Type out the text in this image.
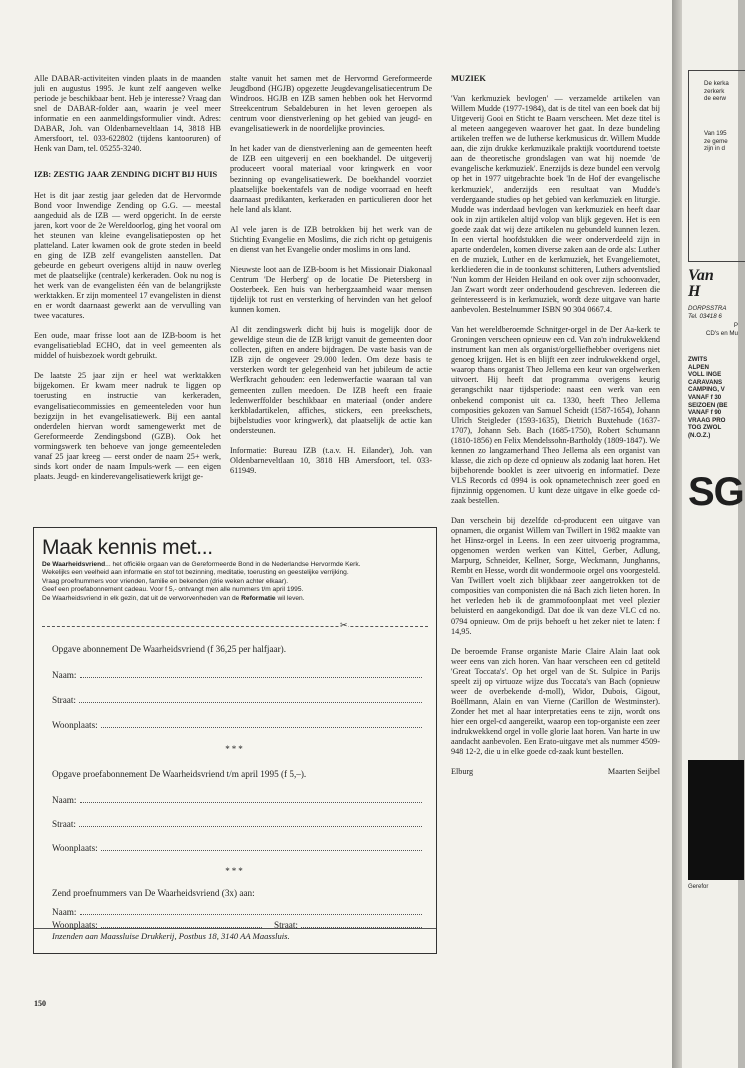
Alle DABAR-activiteiten vinden plaats in de maanden juli en augustus 1995. Je kunt zelf aangeven welke periode je beschikbaar bent. Heb je interesse? Vraag dan snel de DABAR-folder aan, waarin je veel meer informatie en een aanmeldingsformulier vindt. Adres: DABAR, Joh. van Oldenbarneveltlaan 14, 3818 HB Amersfoort, tel. 033-622802 (tijdens kantooruren) of Henk van Dam, tel. 05255-3240.

IZB: ZESTIG JAAR ZENDING DICHT BIJ HUIS

Het is dit jaar zestig jaar geleden dat de Hervormde Bond voor Inwendige Zending op G.G. — meestal aangeduid als de IZB — werd opgericht. In de eerste jaren, kort voor de 2e Wereldoorlog, ging het vooral om het steunen van kleine evangelisatieposten op het platteland. Later kwamen ook de grote steden in beeld en ging de IZB zelf evangelisten aanstellen. Dat gebeurde en gebeurt overigens altijd in nauw overleg met de plaatselijke (centrale) kerkeraden. Ook nu nog is het werk van de evangelisten één van de belangrijkste werktakken. Er zijn momenteel 17 evangelisten in dienst en er wordt daarnaast gewerkt aan de vervulling van twee vacatures.

Een oude, maar frisse loot aan de IZB-boom is het evangelisatieblad ECHO, dat in veel gemeenten als middel of huisbezoek wordt gebruikt.

De laatste 25 jaar zijn er heel wat werktakken bijgekomen. Er kwam meer nadruk te liggen op toerusting en instructie van kerkeraden, evangelisatiecommissies en gemeenteleden voor hun bezigzijn in het evangelisatiewerk. Bij een aantal onderdelen hiervan wordt samengewerkt met de Gereformeerde Zendingsbond (GZB). Ook het vormingswerk ten behoeve van jonge gemeenteleden vanaf 25 jaar kreeg — eerst onder de naam 25+ werk, sinds kort onder de naam Impuls-werk — een eigen plaats. Jeugd- en kinderevangelisatiewerk krijgt ge-

stalte vanuit het samen met de Hervormd Gereformeerde Jeugdbond (HGJB) opgezette Jeugdevangelisatiecentrum De Windroos. HGJB en IZB samen hebben ook het Hervormd Streekcentrum Sebaldeburen in het leven geroepen als centrum voor dienstverlening op het gebied van jeugd- en evangelisatiewerk in de noordelijke provincies.

In het kader van de dienstverlening aan de gemeenten heeft de IZB een uitgeverij en een boekhandel. De uitgeverij produceert vooral materiaal voor kringwerk en voor bezinning op evangelisatiewerk. De boekhandel voorziet plaatselijke boekentafels van de nodige voorraad en heeft daarnaast predikanten, kerkeraden en particulieren door het hele land als klant.

Al vele jaren is de IZB betrokken bij het werk van de Stichting Evangelie en Moslims, die zich richt op getuigenis en dienst van het Evangelie onder moslims in ons land.

Nieuwste loot aan de IZB-boom is het Missionair Diakonaal Centrum 'De Herberg' op de locatie De Pietersberg in Oosterbeek. Een huis van herbergzaamheid waar mensen tijdelijk tot rust en versterking of hervinden van het geloof kunnen komen.

Al dit zendingswerk dicht bij huis is mogelijk door de geweldige steun die de IZB krijgt vanuit de gemeenten door collecten, giften en andere bijdragen. De vaste basis van de IZB zijn de ongeveer 29.000 leden. Om deze basis te versterken wordt ter gelegenheid van het jubileum de actie Werfkracht gehouden: een ledenwerfactie waaraan tal van gemeenten zullen meedoen. De IZB heeft een fraaie ledenwerffolder beschikbaar en materiaal (onder andere kerkbladartikelen, affiches, stickers, een preekschets, bijbelstudies voor kringwerk), dat plaatselijk de actie kan ondersteunen.

Informatie: Bureau IZB (t.a.v. H. Eilander), Joh. van Oldenbarneveltlaan 10, 3818 HB Amersfoort, tel. 033-611949.

MUZIEK

'Van kerkmuziek bevlogen' — verzamelde artikelen van Willem Mudde (1977-1984), dat is de titel van een boek dat bij Uitgeverij Gooi en Sticht te Baarn verscheen. Met deze titel is al meteen aangegeven waarover het gaat. In deze bundeling artikelen treffen we de lutherse kerkmusicus dr. Willem Mudde aan, die zijn drukke kerkmuzikale praktijk voortdurend toetste aan de theoretische grondslagen van wat hij noemde 'de evangelische kerkmuziek'. Enerzijds is deze bundel een vervolg op het in 1977 uitgebrachte boek 'In de Hof der evangelische kerkmuziek', anderzijds een resultaat van Mudde's verdergaande studies op het gebied van kerkmuziek en liturgie. Mudde was inderdaad bevlogen van kerkmuziek en heeft daar ook in zijn artikelen altijd volop van blijk gegeven. Het is een goede zaak dat wij deze artikelen nu gebundeld kunnen lezen. In een viertal hoofdstukken die weer onderverdeeld zijn in aparte onderdelen, komen diverse zaken aan de orde als: Luther en de muziek, Luther en de kerkmuziek, het Evangeliemotet, kerkliederen die in de toonkunst schitteren, Luthers adventslied 'Nun komm der Heiden Heiland en ook over zijn schoonvader, Jan Zwart wordt zeer onderhoudend geschreven. Iedereen die geïnteresseerd is in kerkmuziek, wordt deze uitgave van harte aanbevolen. Bestelnummer ISBN 90 304 0667.4.

Van het wereldberoemde Schnitger-orgel in de Der Aa-kerk te Groningen verscheen opnieuw een cd. Van zo'n indrukwekkend instrument kan men als organist/orgelliefhebber overigens niet genoeg krijgen. Het is en blijft een zeer indrukwekkend orgel, waarop thans organist Theo Jellema een keur van orgelwerken uitvoert. Hij heeft dat programma overigens keurig gerangschikt naar tijdsperiode: naast een werk van een onbekend componist uit ca. 1330, heeft Theo Jellema composities gekozen van Samuel Scheidt (1587-1654), Johann Ulrich Steigleder (1593-1635), Dietrich Buxtehude (1637-1707), Johann Seb. Bach (1685-1750), Robert Schumann (1810-1856) en Felix Mendelssohn-Bartholdy (1809-1847). We kennen zo langzamerhand Theo Jellema als een organist van klasse, die zich op deze cd opnieuw als zodanig laat horen. Het bijbehorende booklet is zeer uitvoerig en informatief. Deze VLS Records cd 0994 is ook opnametechnisch zeer goed en fijnzinnig opgenomen. U kunt deze uitgave in elke goede cd-zaak bestellen.

Dan verschein bij dezelfde cd-producent een uitgave van opnamen, die organist Willem van Twillert in 1982 maakte van het Hinsz-orgel in Leens. In een zeer uitvoerig programma, opgenomen werden werken van Kittel, Gerber, Adlung, Marpurg, Schneider, Kellner, Sorge, Weckmann, Junghanns, Rembt en Hesse, wordt dit wondermooie orgel ons voorgesteld. Van Twillert voelt zich blijkbaar zeer aangetrokken tot de composities van componisten die ná Bach zich lieten horen. In het verleden heb ik de grammofoonplaat met veel plezier beluisterd en aangekondigd. Dat doe ik van deze VLC cd no. 0794 opnieuw. Om de prijs behoeft u het zeker niet te laten: f 14,95.

De beroemde Franse organiste Marie Claire Alain laat ook weer eens van zich horen. Van haar verscheen een cd getiteld 'Great Toccata's'. Op het orgel van de St. Sulpice in Parijs speelt zij op virtuoze wijze dus Toccata's van Bach (opnieuw weer de overbekende d-moll), Widor, Dubois, Gigout, Boëllmann, Alain en van Vierne (Carillon de Westminster). Zonder het met al haar interpretaties eens te zijn, wordt ons hier een orgel-cd aangereikt, waarop een top-organiste een zeer indrukwekkend orgel in volle glorie laat horen. Van harte in uw aandacht aanbevolen. Een Erato-uitgave met als nummer 4509-948 12-2, die u in elke goede cd-zaak kunt bestellen.

Elburg	Maarten Seijbel

Maak kennis met...

De Waarheidsvriend... het officiële orgaan van de Gereformeerde Bond in de Nederlandse Hervormde Kerk.

Wekelijks een veelheid aan informatie en stof tot bezinning, meditatie, toerusting en geestelijke verrijking.

Vraag proefnummers voor vrienden, familie en bekenden (drie weken achter elkaar).

Geef een proefabonnement cadeau. Voor f 5,- ontvangt men alle nummers t/m april 1995.

De Waarheidsvriend in elk gezin, dat uit de verworvenheden van de Reformatie wil leven.

✂
Opgave abonnement De Waarheidsvriend (f 36,25 per halfjaar).
Naam:
Straat:
Woonplaats:
***
Opgave proefabonnement De Waarheidsvriend t/m april 1995 (f 5,–).
Naam:
Straat:
Woonplaats:
***
Zend proefnummers van De Waarheidsvriend (3x) aan:
Naam:
Straat:
Woonplaats:
Inzenden aan Maassluise Drukkerij, Postbus 18, 3140 AA Maassluis.
150
De kerka
zerkerk
de eerw
Van 195
ze geme
zijn in d
Van
H
DORPSSTRA
Tel. 03418 6
P
CD's en Mu
ZWITS
ALPEN
VOLL INGE
CARAVANS
CAMPING, V
VANAF f 30
SEIZOEN (BE
VANAF f 90
VRAAG PRO
TOG ZWOL
(N.O.Z.)
SG
Gerefor
